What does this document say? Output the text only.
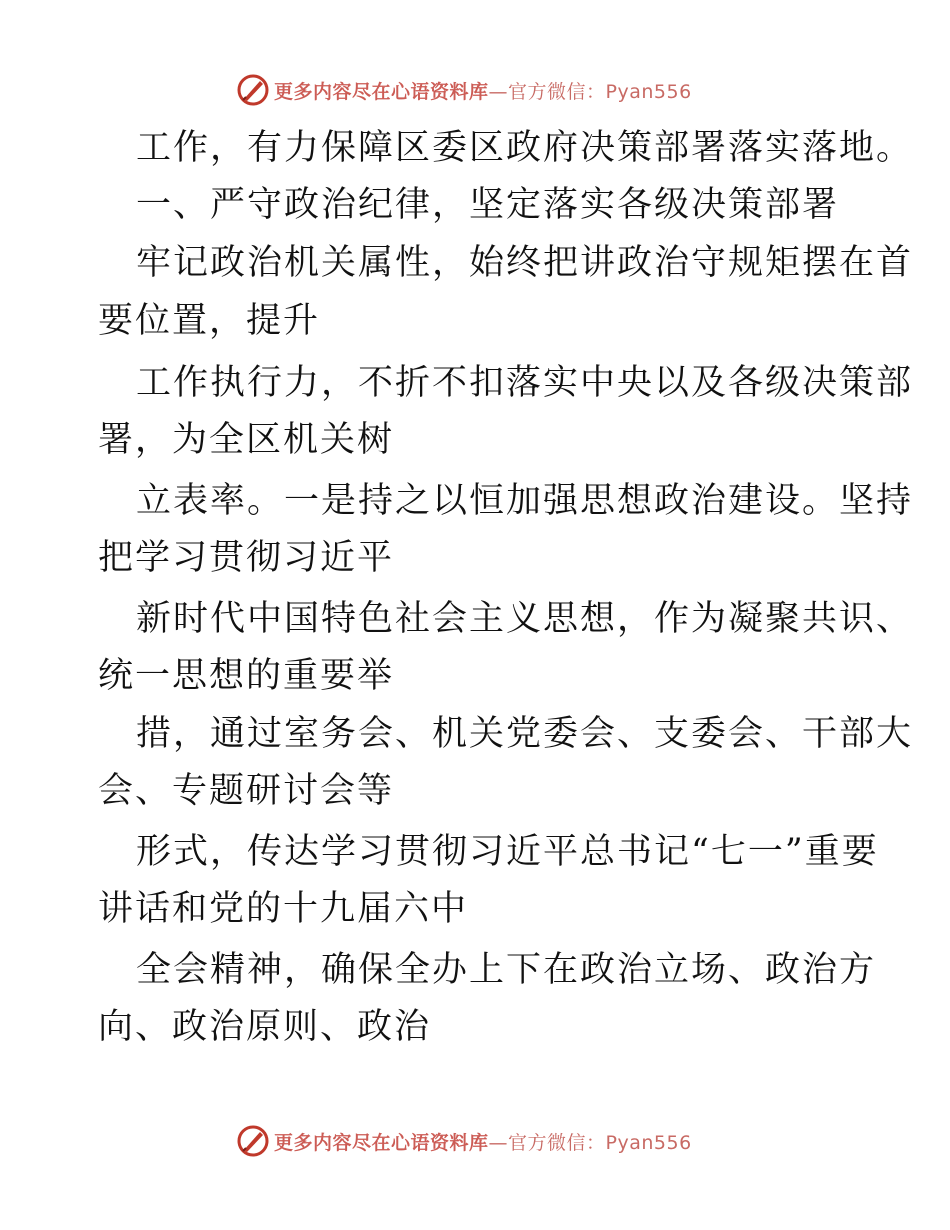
更多内容尽在心语资料库—官方微信：Pyan556
工作，有力保障区委区政府决策部署落实落地。
一、严守政治纪律，坚定落实各级决策部署
牢记政治机关属性，始终把讲政治守规矩摆在首
要位置，提升
工作执行力，不折不扣落实中央以及各级决策部
署，为全区机关树
立表率。一是持之以恒加强思想政治建设。坚持
把学习贯彻习近平
新时代中国特色社会主义思想，作为凝聚共识、
统一思想的重要举
措，通过室务会、机关党委会、支委会、干部大
会、专题研讨会等
形式，传达学习贯彻习近平总书记“七一”重要
讲话和党的十九届六中
全会精神，确保全办上下在政治立场、政治方
向、政治原则、政治
更多内容尽在心语资料库—官方微信：Pyan556
